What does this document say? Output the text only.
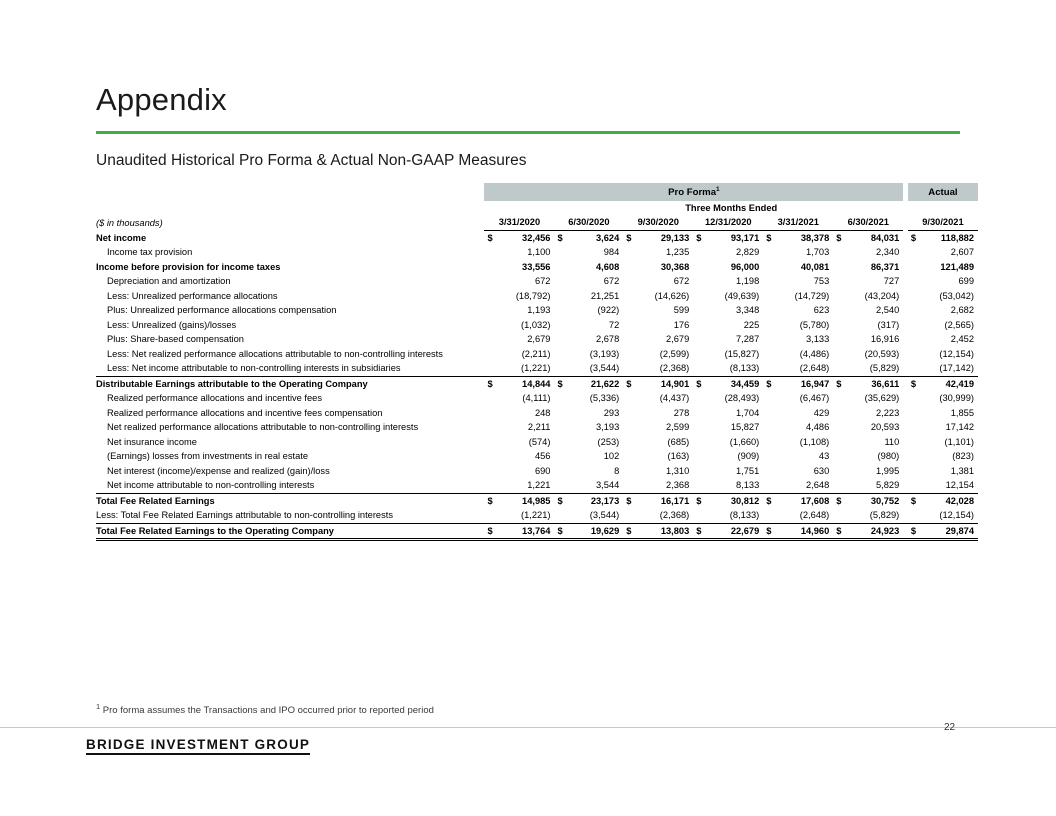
Appendix
Unaudited Historical Pro Forma & Actual Non-GAAP Measures
	Pro Forma$^1$													Actual	
	Three Months Ended														
($ in thousands)	3/31/2020		6/30/2020		9/30/2020		12/31/2020		3/31/2021		6/30/2021			9/30/2021	
Net income	$	32,456	$	3,624	$	29,133	$	93,171	$	38,378	$	84,031		$	118,882
Income tax provision		1,100		984		1,235		2,829		1,703		2,340			2,607
Income before provision for income taxes		33,556		4,608		30,368		96,000		40,081		86,371			121,489
Depreciation and amortization		672		672		672		1,198		753		727			699
Less: Unrealized performance allocations		(18,792)		21,251		(14,626)		(49,639)		(14,729)		(43,204)			(53,042)
Plus: Unrealized performance allocations compensation		1,193		(922)		599		3,348		623		2,540			2,682
Less: Unrealized (gains)/losses		(1,032)		72		176		225		(5,780)		(317)			(2,565)
Plus: Share-based compensation		2,679		2,678		2,679		7,287		3,133		16,916			2,452
Less: Net realized performance allocations attributable to non-controlling interests		(2,211)		(3,193)		(2,599)		(15,827)		(4,486)		(20,593)			(12,154)
Less: Net income attributable to non-controlling interests in subsidiaries		(1,221)		(3,544)		(2,368)		(8,133)		(2,648)		(5,829)			(17,142)
Distributable Earnings attributable to the Operating Company	$	14,844	$	21,622	$	14,901	$	34,459	$	16,947	$	36,611		$	42,419
Realized performance allocations and incentive fees		(4,111)		(5,336)		(4,437)		(28,493)		(6,467)		(35,629)			(30,999)
Realized performance allocations and incentive fees compensation		248		293		278		1,704		429		2,223			1,855
Net realized performance allocations attributable to non-controlling interests		2,211		3,193		2,599		15,827		4,486		20,593			17,142
Net insurance income		(574)		(253)		(685)		(1,660)		(1,108)		110			(1,101)
(Earnings) losses from investments in real estate		456		102		(163)		(909)		43		(980)			(823)
Net interest (income)/expense and realized (gain)/loss		690		8		1,310		1,751		630		1,995			1,381
Net income attributable to non-controlling interests		1,221		3,544		2,368		8,133		2,648		5,829			12,154
Total Fee Related Earnings	$	14,985	$	23,173	$	16,171	$	30,812	$	17,608	$	30,752		$	42,028
Less: Total Fee Related Earnings attributable to non-controlling interests		(1,221)		(3,544)		(2,368)		(8,133)		(2,648)		(5,829)			(12,154)
Total Fee Related Earnings to the Operating Company	$	13,764	$	19,629	$	13,803	$	22,679	$	14,960	$	24,923		$	29,874
$^1$ Pro forma assumes the Transactions and IPO occurred prior to reported period
22
BRIDGE INVESTMENT GROUP
